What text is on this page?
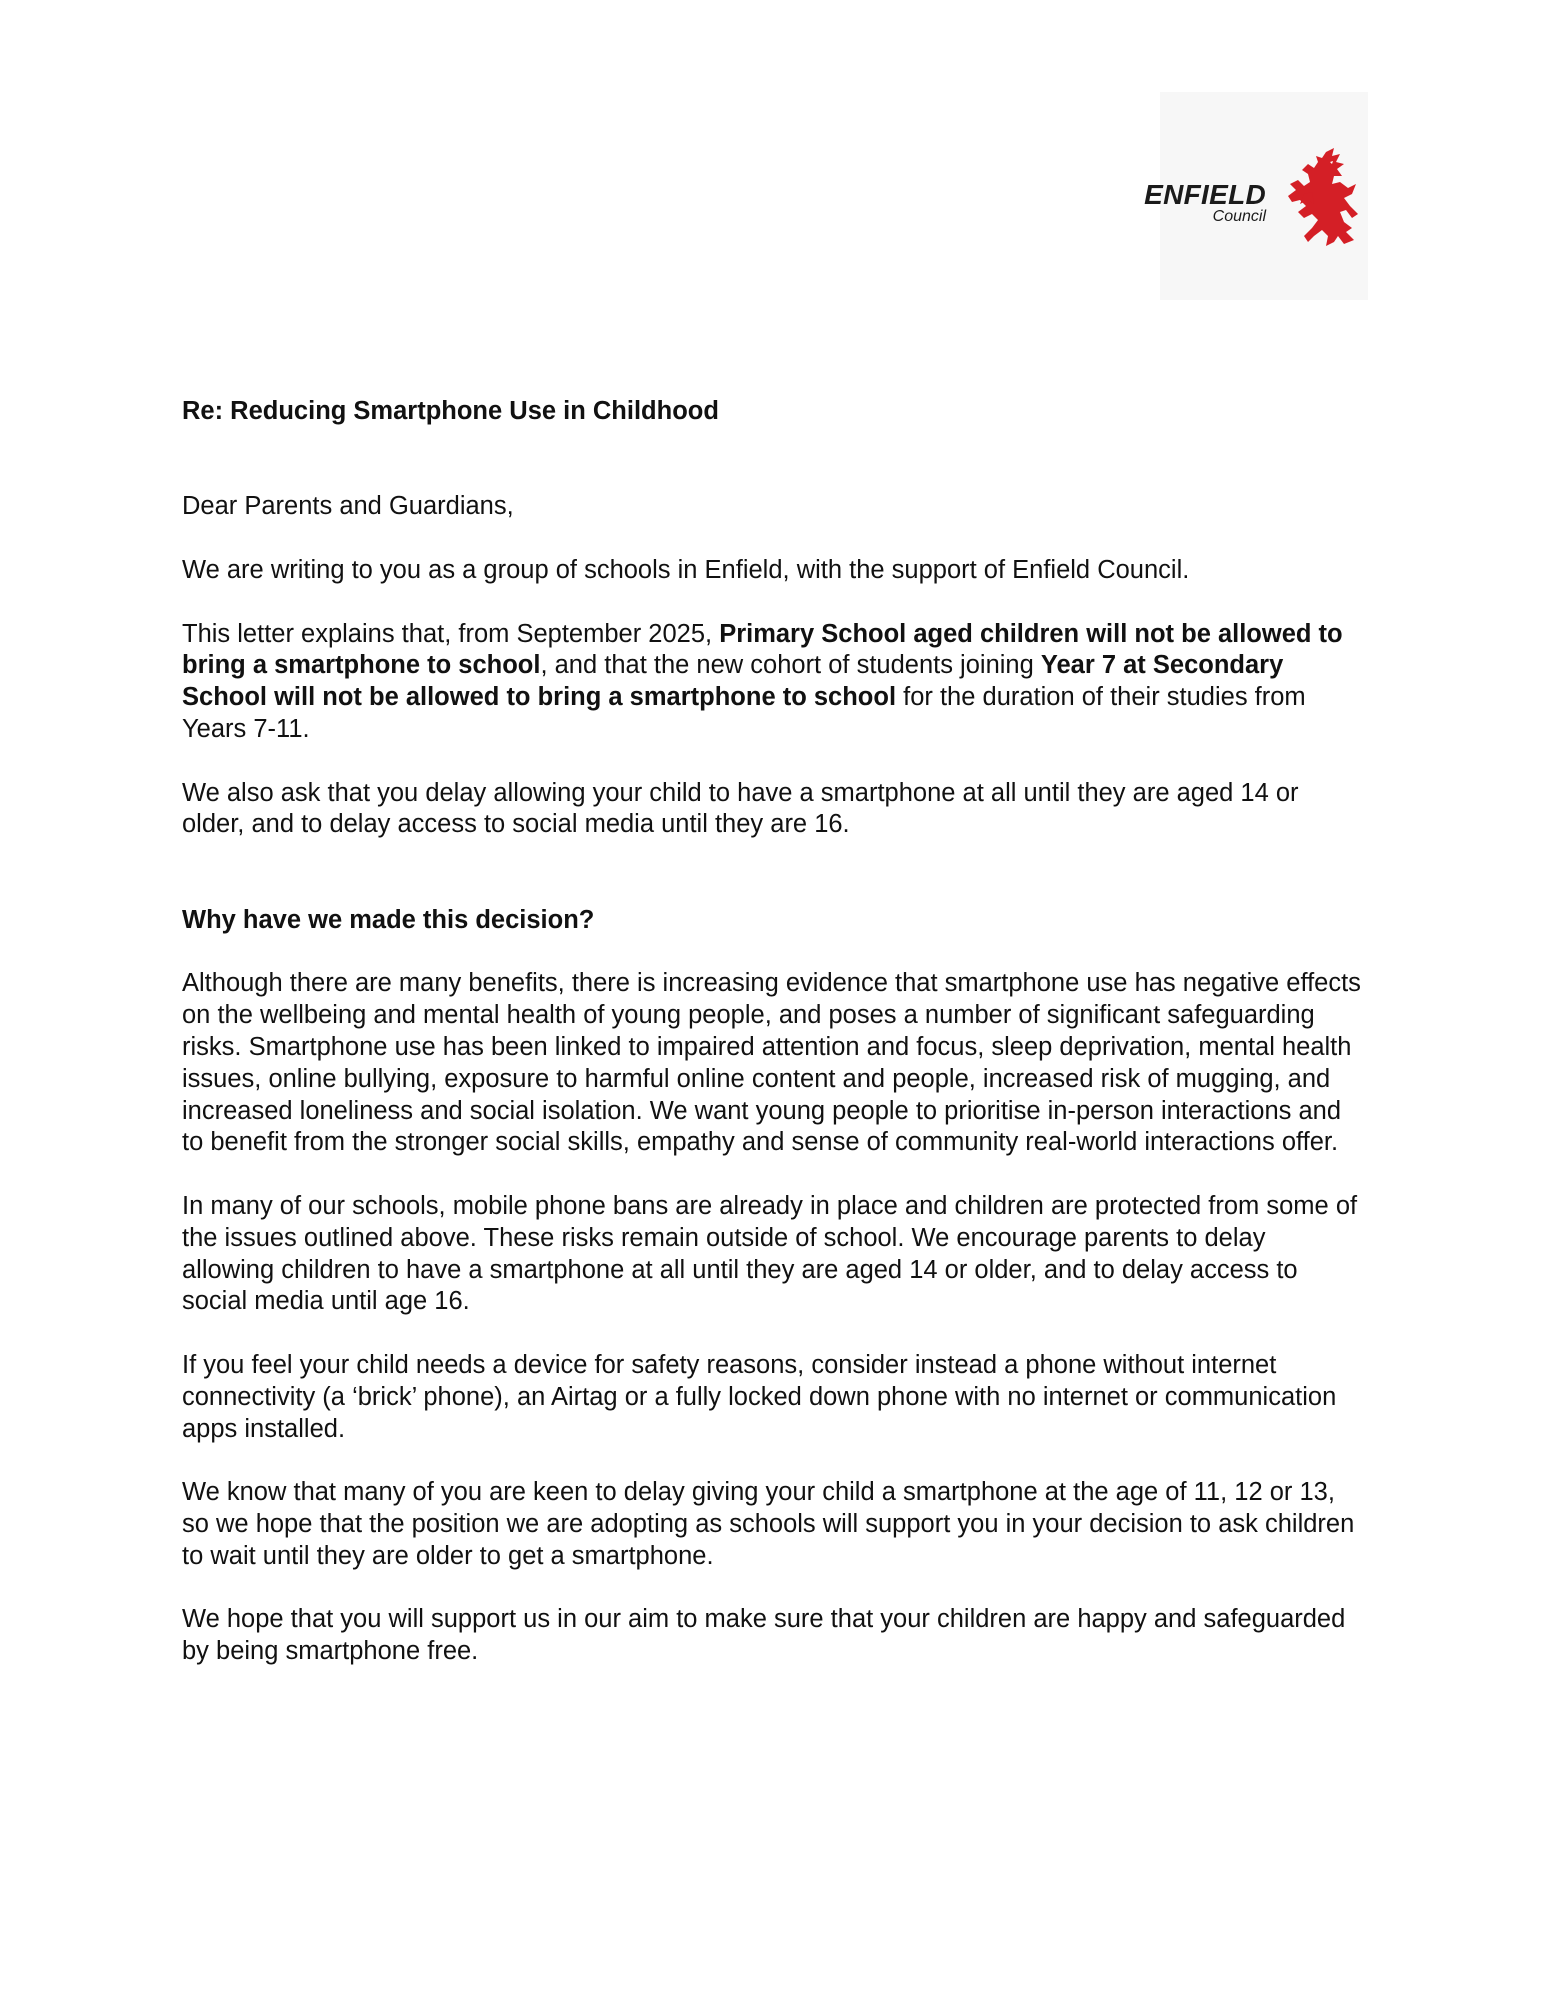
ENFIELD
Council

Re: Reducing Smartphone Use in Childhood

Dear Parents and Guardians,

We are writing to you as a group of schools in Enfield, with the support of Enfield Council.

This letter explains that, from September 2025, Primary School aged children will not be allowed to bring a smartphone to school, and that the new cohort of students joining Year 7 at Secondary School will not be allowed to bring a smartphone to school for the duration of their studies from Years 7-11.

We also ask that you delay allowing your child to have a smartphone at all until they are aged 14 or older, and to delay access to social media until they are 16.

Why have we made this decision?

Although there are many benefits, there is increasing evidence that smartphone use has negative effects on the wellbeing and mental health of young people, and poses a number of significant safeguarding risks. Smartphone use has been linked to impaired attention and focus, sleep deprivation, mental health issues, online bullying, exposure to harmful online content and people, increased risk of mugging, and increased loneliness and social isolation. We want young people to prioritise in-person interactions and to benefit from the stronger social skills, empathy and sense of community real-world interactions offer.

In many of our schools, mobile phone bans are already in place and children are protected from some of the issues outlined above. These risks remain outside of school. We encourage parents to delay allowing children to have a smartphone at all until they are aged 14 or older, and to delay access to social media until age 16.

If you feel your child needs a device for safety reasons, consider instead a phone without internet connectivity (a ‘brick’ phone), an Airtag or a fully locked down phone with no internet or communication apps installed.

We know that many of you are keen to delay giving your child a smartphone at the age of 11, 12 or 13, so we hope that the position we are adopting as schools will support you in your decision to ask children to wait until they are older to get a smartphone.

We hope that you will support us in our aim to make sure that your children are happy and safeguarded by being smartphone free.
